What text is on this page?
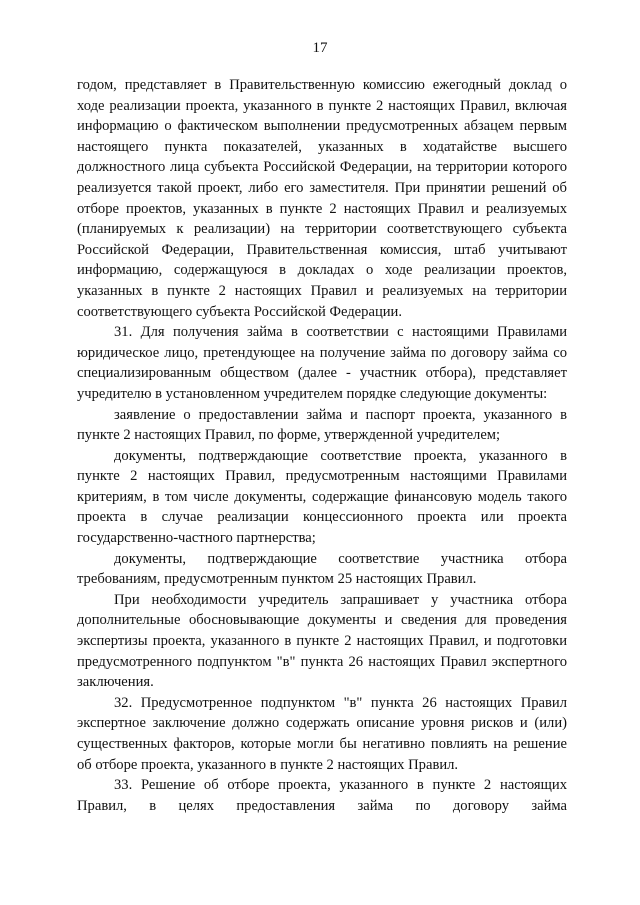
17

годом, представляет в Правительственную комиссию ежегодный доклад о ходе реализации проекта, указанного в пункте 2 настоящих Правил, включая информацию о фактическом выполнении предусмотренных абзацем первым настоящего пункта показателей, указанных в ходатайстве высшего должностного лица субъекта Российской Федерации, на территории которого реализуется такой проект, либо его заместителя. При принятии решений об отборе проектов, указанных в пункте 2 настоящих Правил и реализуемых (планируемых к реализации) на территории соответствующего субъекта Российской Федерации, Правительственная комиссия, штаб учитывают информацию, содержащуюся в докладах о ходе реализации проектов, указанных в пункте 2 настоящих Правил и реализуемых на территории соответствующего субъекта Российской Федерации.

31. Для получения займа в соответствии с настоящими Правилами юридическое лицо, претендующее на получение займа по договору займа со специализированным обществом (далее - участник отбора), представляет учредителю в установленном учредителем порядке следующие документы:

заявление о предоставлении займа и паспорт проекта, указанного в пункте 2 настоящих Правил, по форме, утвержденной учредителем;

документы, подтверждающие соответствие проекта, указанного в пункте 2 настоящих Правил, предусмотренным настоящими Правилами критериям, в том числе документы, содержащие финансовую модель такого проекта в случае реализации концессионного проекта или проекта государственно-частного партнерства;

документы, подтверждающие соответствие участника отбора требованиям, предусмотренным пунктом 25 настоящих Правил.

При необходимости учредитель запрашивает у участника отбора дополнительные обосновывающие документы и сведения для проведения экспертизы проекта, указанного в пункте 2 настоящих Правил, и подготовки предусмотренного подпунктом "в" пункта 26 настоящих Правил экспертного заключения.

32. Предусмотренное подпунктом "в" пункта 26 настоящих Правил экспертное заключение должно содержать описание уровня рисков и (или) существенных факторов, которые могли бы негативно повлиять на решение об отборе проекта, указанного в пункте 2 настоящих Правил.

33. Решение об отборе проекта, указанного в пункте 2 настоящих Правил, в целях предоставления займа по договору займа
